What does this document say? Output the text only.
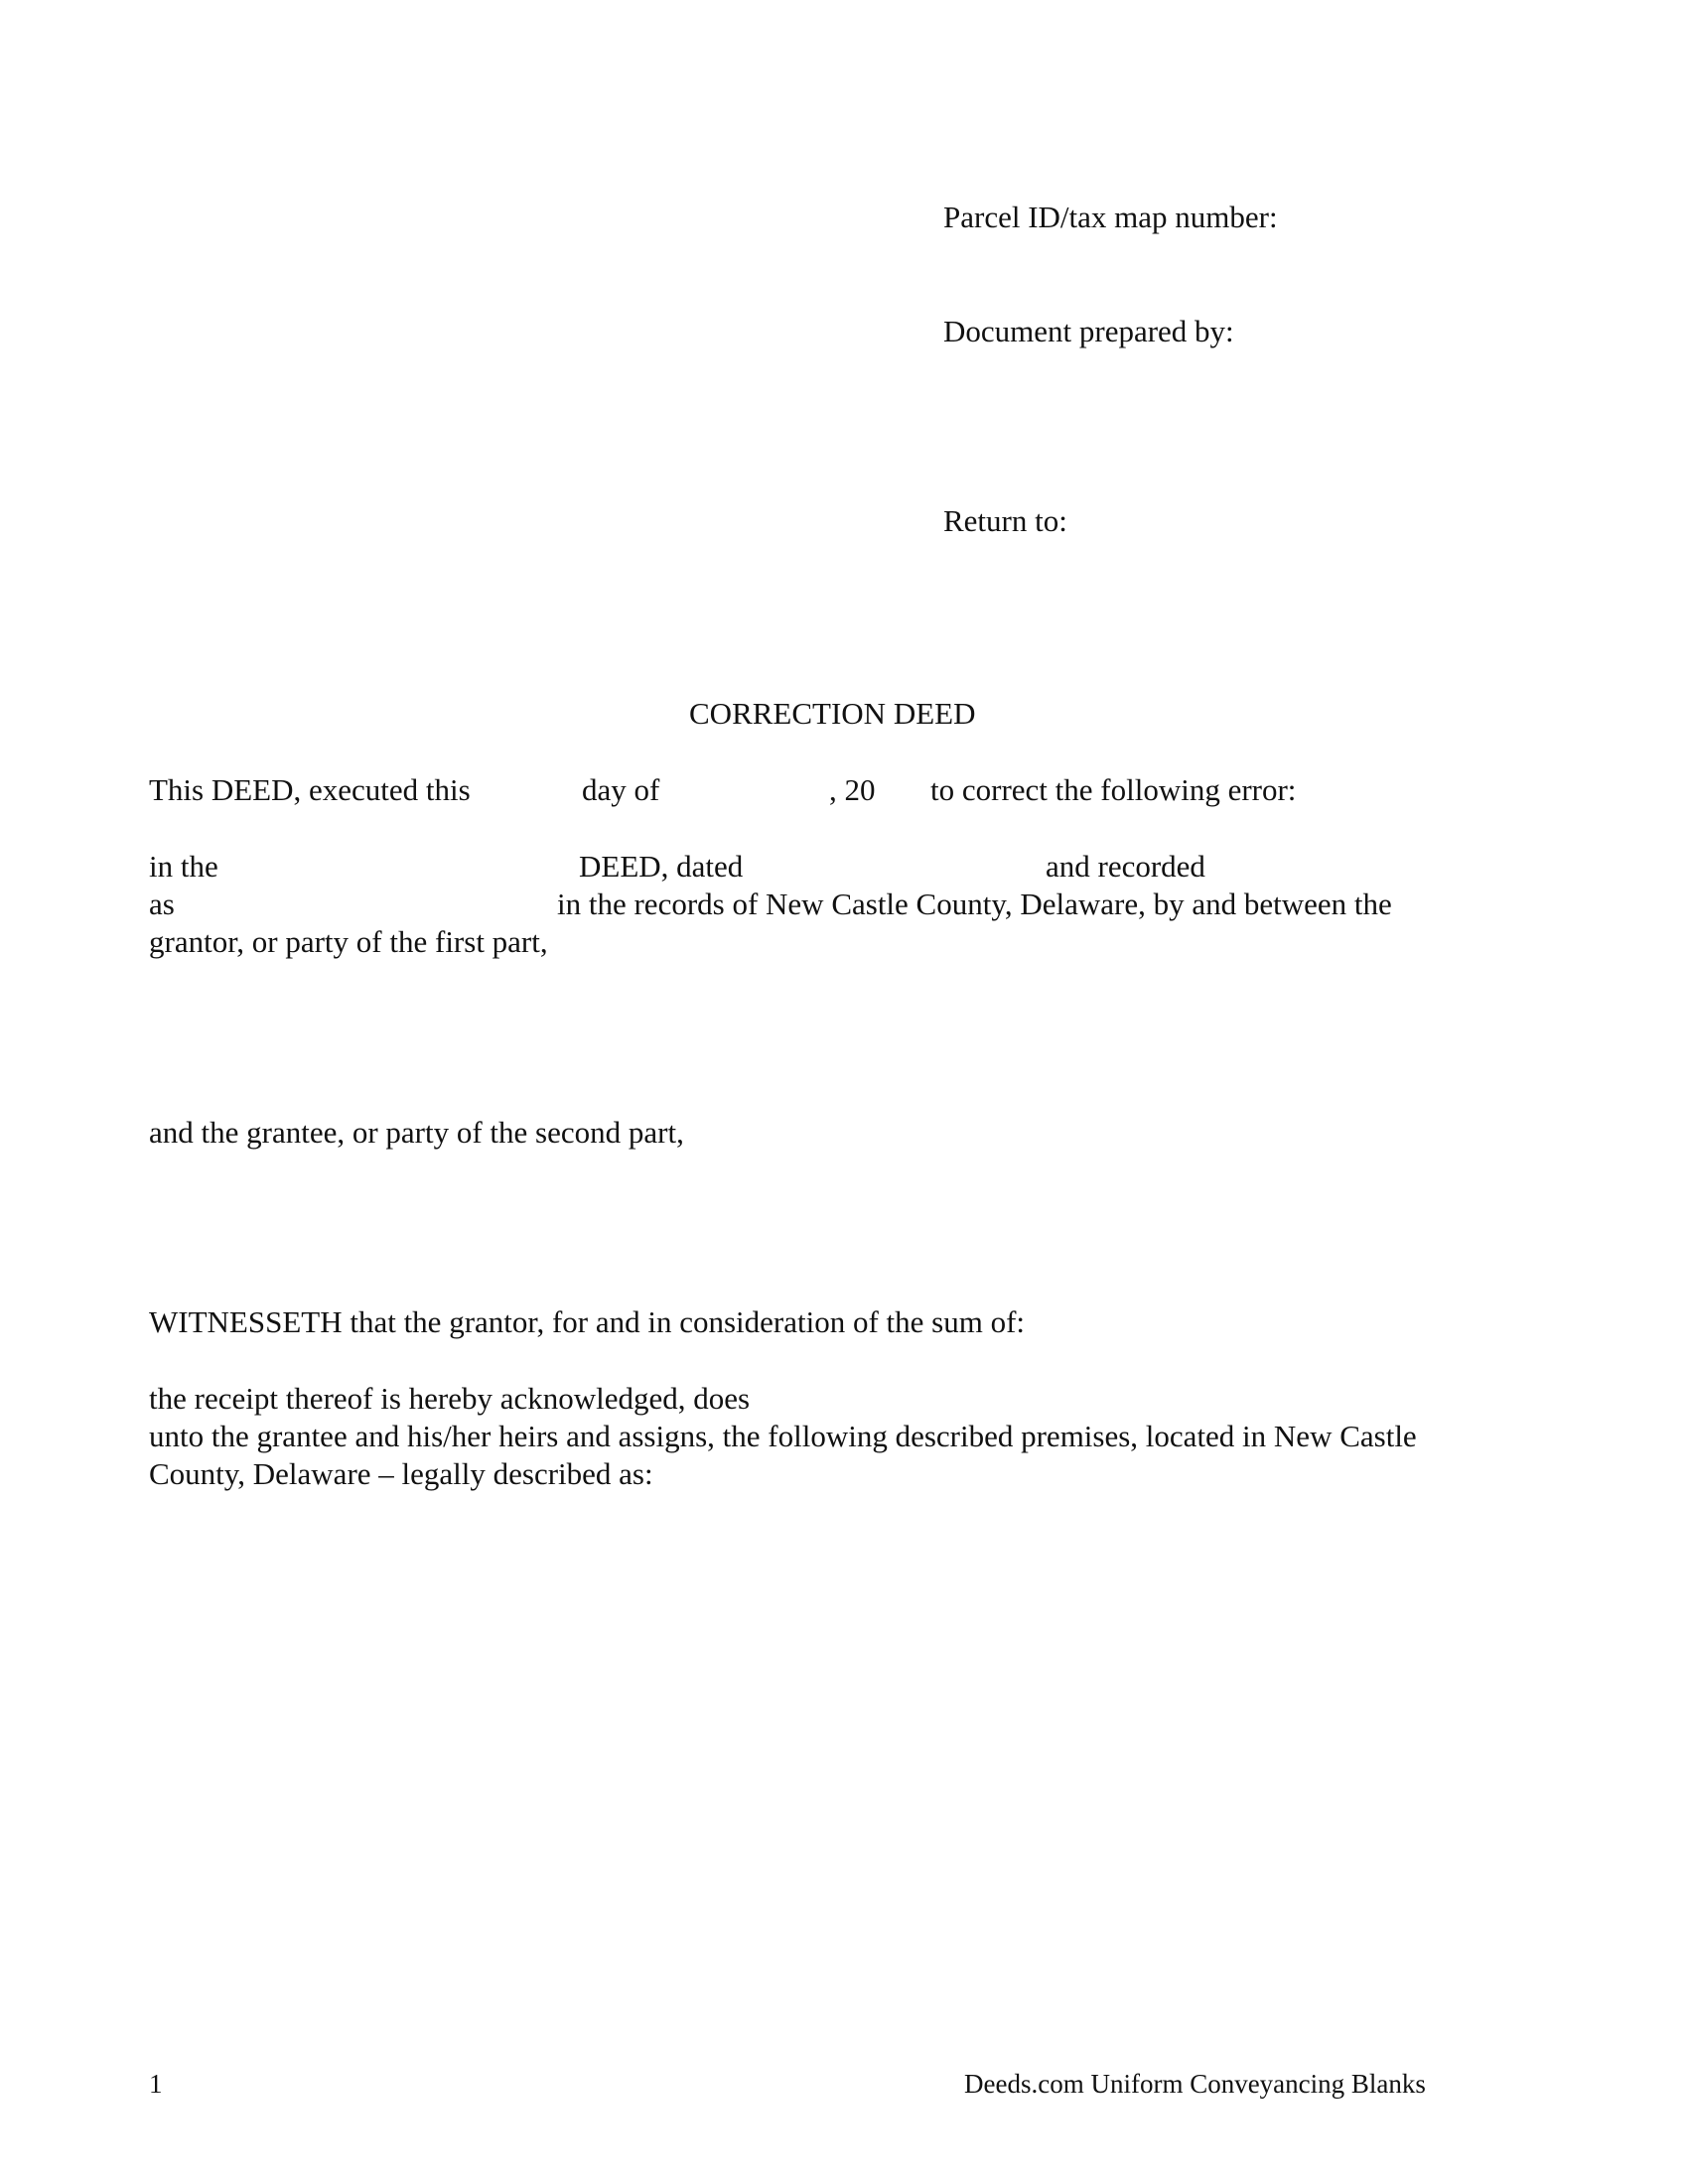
Parcel ID/tax map number:
Document prepared by:
Return to:
CORRECTION DEED
This DEED, executed this	day of	, 20 to correct the following error:
in the	DEED, dated	and recorded
as	in the records of New Castle County, Delaware, by and between the
grantor, or party of the first part,
and the grantee, or party of the second part,
WITNESSETH that the grantor, for and in consideration of the sum of:
the receipt thereof is hereby acknowledged, does
unto the grantee and his/her heirs and assigns, the following described premises, located in New Castle
County, Delaware – legally described as:
1	Deeds.com Uniform Conveyancing Blanks
